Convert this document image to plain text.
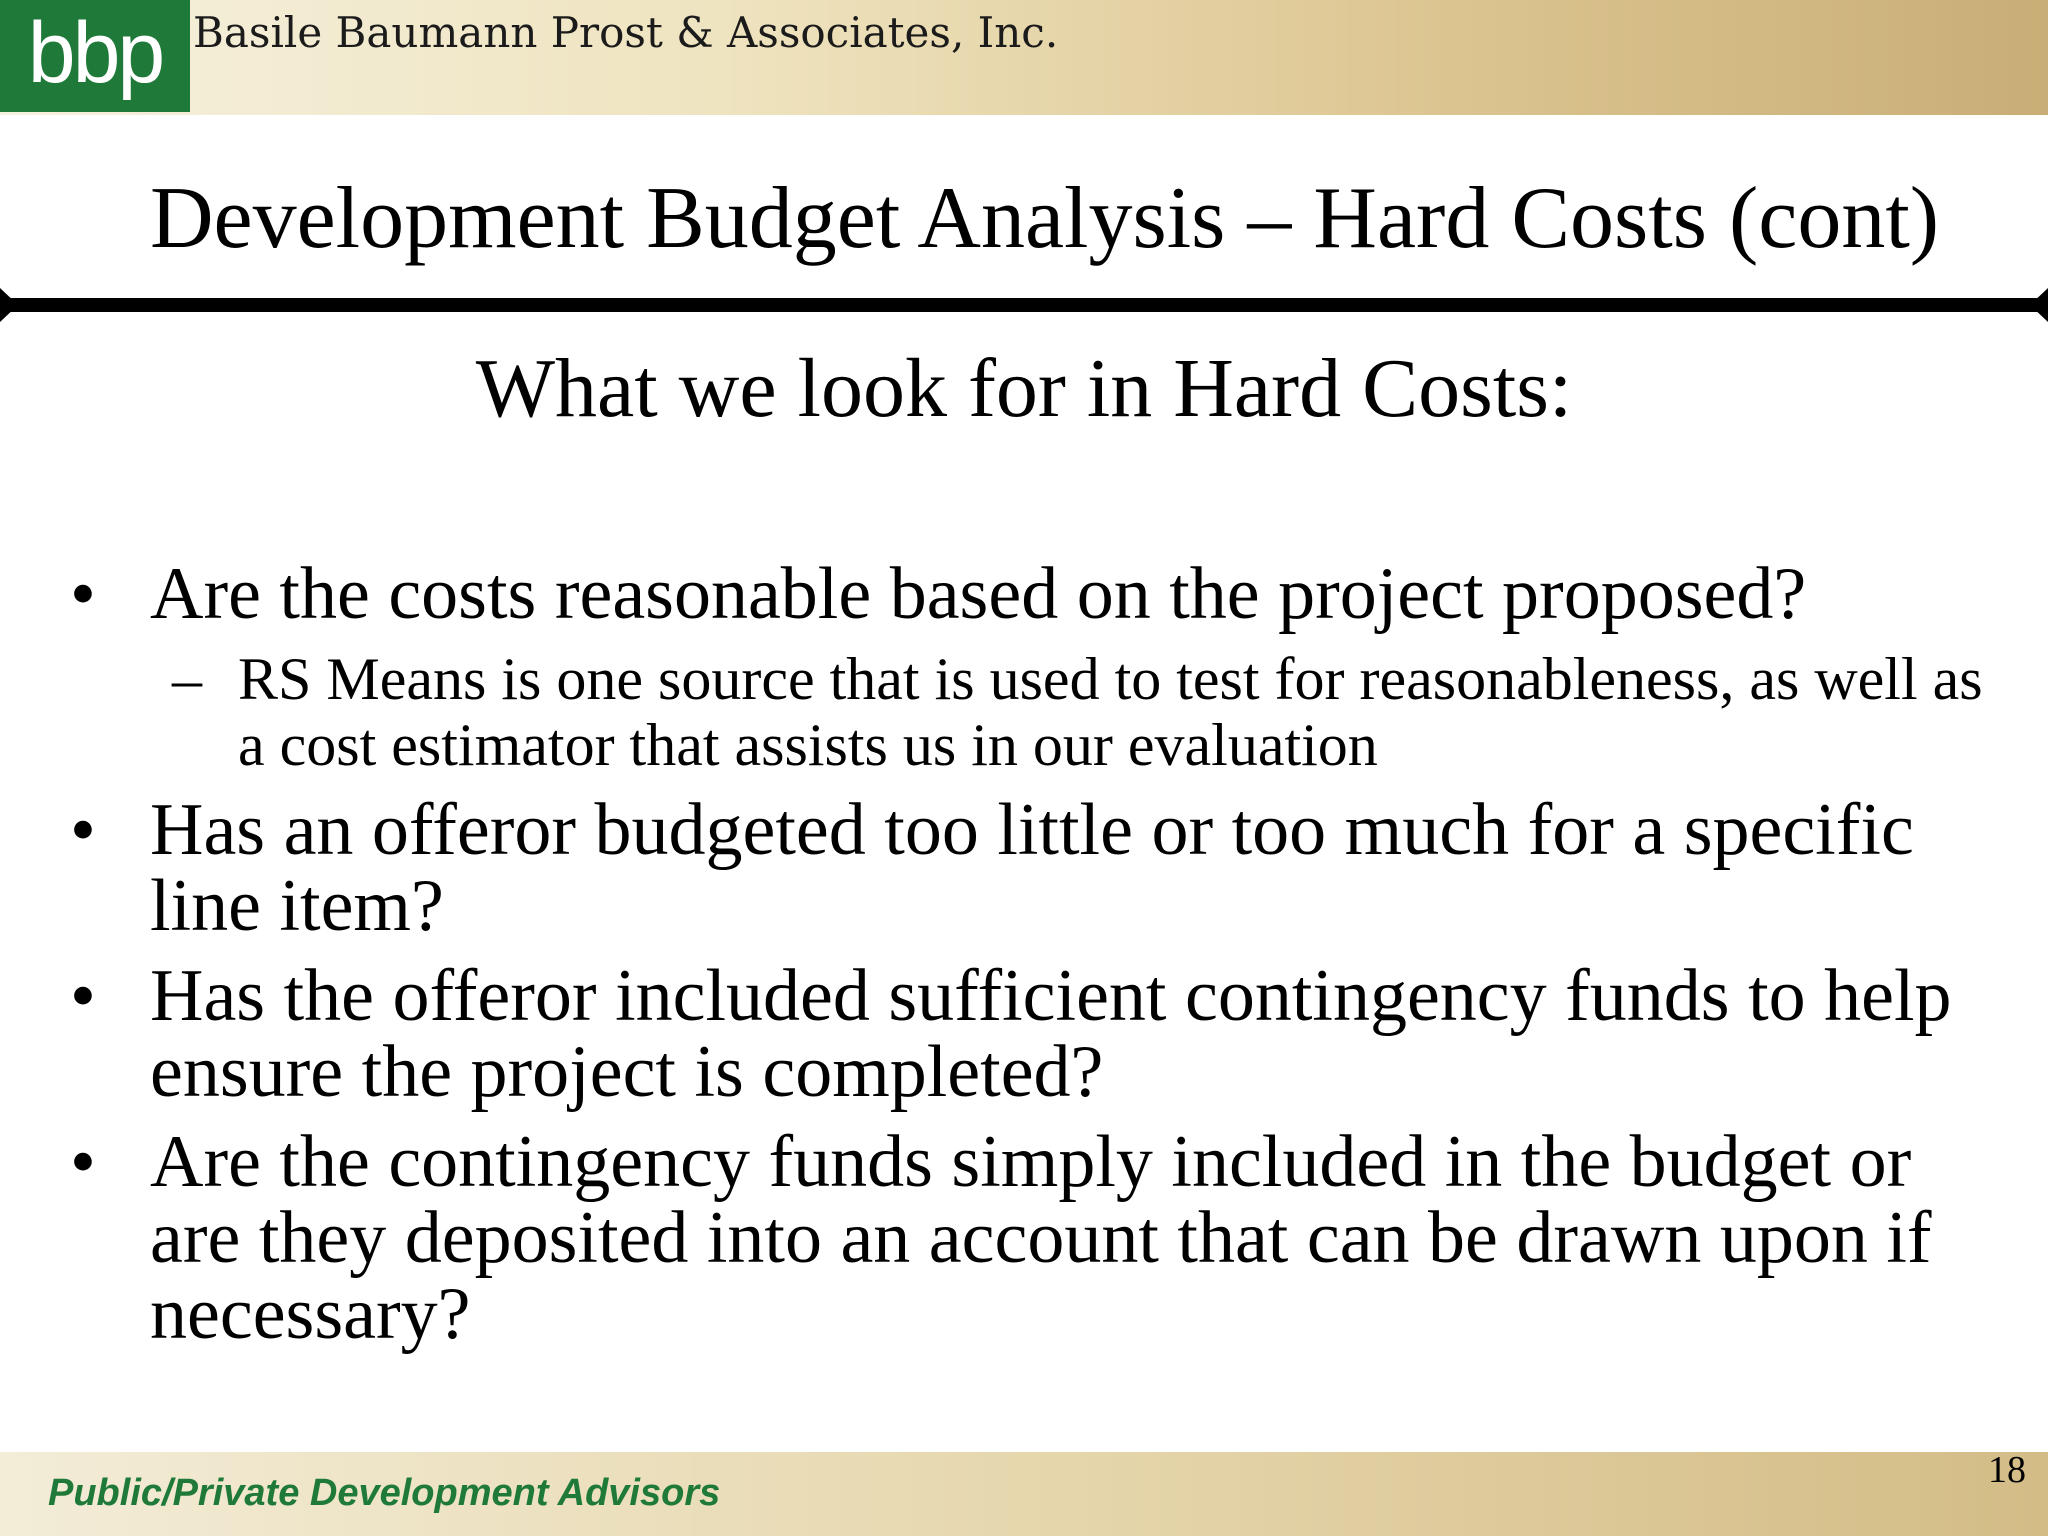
bbp Basile Baumann Prost & Associates, Inc.
Development Budget Analysis – Hard Costs (cont)
What we look for in Hard Costs:
• Are the costs reasonable based on the project proposed?
– RS Means is one source that is used to test for reasonableness, as well as a cost estimator that assists us in our evaluation
• Has an offeror budgeted too little or too much for a specific line item?
• Has the offeror included sufficient contingency funds to help ensure the project is completed?
• Are the contingency funds simply included in the budget or are they deposited into an account that can be drawn upon if necessary?
Public/Private Development Advisors
18
